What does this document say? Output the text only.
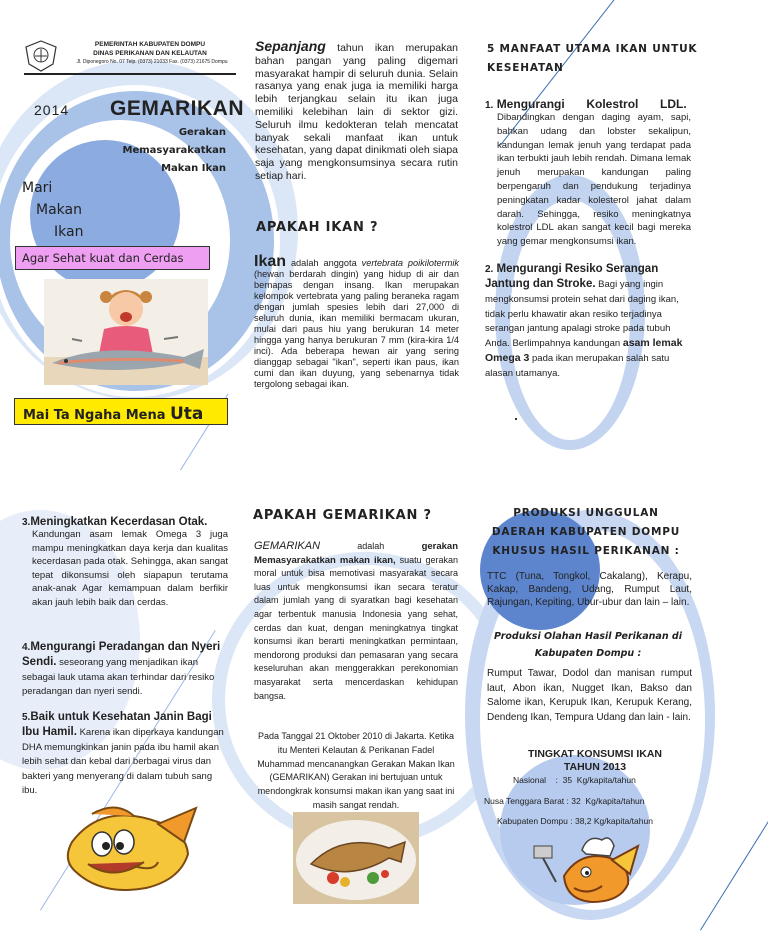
PEMERINTAH KABUPATEN DOMPU
DINAS PERIKANAN DAN KELAUTAN
Jl. Diponegoro No. 07 Telp. (0373) 21033 Fax. (0373) 21675 Dompu
2014 GEMARIKAN
Gerakan
Memasyarakatkan
Makan Ikan
Mari
Makan
Ikan
Agar Sehat kuat dan Cerdas
Mai Ta Ngaha Mena Uta
Sepanjang tahun ikan merupakan bahan pangan yang paling digemari masyarakat hampir di seluruh dunia. Selain rasanya yang enak juga ia memiliki harga lebih terjangkau selain itu ikan juga memiliki kelebihan lain di sektor gizi. Seluruh ilmu kedokteran telah mencatat banyak sekali manfaat ikan untuk kesehatan, yang dapat dinikmati oleh siapa saja yang mengkonsumsinya secara rutin setiap hari.
APAKAH IKAN ?
Ikan adalah anggota vertebrata poikilotermik (hewan berdarah dingin) yang hidup di air dan bernapas dengan insang. Ikan merupakan kelompok vertebrata yang paling beraneka ragam dengan jumlah spesies lebih dari 27,000 di seluruh dunia, ikan memiliki bermacam ukuran, mulai dari paus hiu yang berukuran 14 meter hingga yang hanya berukuran 7 mm (kira-kira 1/4 inci). Ada beberapa hewan air yang sering dianggap sebagai "ikan", seperti ikan paus, ikan cumi dan ikan duyung, yang sebenarnya tidak tergolong sebagai ikan.
5 MANFAAT UTAMA IKAN UNTUK KESEHATAN
1. Mengurangi Kolestrol LDL.
Dibandingkan dengan daging ayam, sapi, bahkan udang dan lobster sekalipun, kandungan lemak jenuh yang terdapat pada ikan terbukti jauh lebih rendah. Dimana lemak jenuh merupakan kandungan paling berpengaruh dan pendukung terjadinya peningkatan kadar kolesterol jahat dalam darah. Sehingga, resiko meningkatnya kolestrol LDL akan sangat kecil bagi mereka yang gemar mengkonsumsi ikan.
2. Mengurangi Resiko Serangan Jantung dan Stroke. Bagi yang ingin mengkonsumsi protein sehat dari daging ikan, tidak perlu khawatir akan resiko terjadinya serangan jantung apalagi stroke pada tubuh Anda. Berlimpahnya kandungan asam lemak Omega 3 pada ikan merupakan salah satu alasan utamanya.
3.Meningkatkan Kecerdasan Otak.
Kandungan asam lemak Omega 3 juga mampu meningkatkan daya kerja dan kualitas kecerdasan pada otak. Sehingga, akan sangat tepat dikonsumsi oleh siapapun terutama anak-anak Agar kemampuan dalam berfikir akan jauh lebih baik dan cerdas.
4.Mengurangi Peradangan dan Nyeri Sendi. seseorang yang menjadikan ikan sebagai lauk utama akan terhindar dari resiko peradangan dan nyeri sendi.
5.Baik untuk Kesehatan Janin Bagi Ibu Hamil. Karena ikan diperkaya kandungan DHA memungkinkan janin pada ibu hamil akan lebih sehat dan kebal dari berbagai virus dan bakteri yang menyerang di dalam tubuh sang ibu.
APAKAH GEMARIKAN ?
GEMARIKAN adalah gerakan Memasyarakatkan makan ikan, suatu gerakan moral untuk bisa memotivasi masyarakat secara luas untuk mengkonsumsi ikan secara teratur dalam jumlah yang di syaratkan bagi kesehatan agar terbentuk manusia Indonesia yang sehat, cerdas dan kuat, dengan meningkatnya tingkat konsumsi ikan berarti meningkatkan permintaan, mendorong produksi dan pemasaran yang secara keseluruhan akan menggerakkan perekonomian masyarakat serta mencerdaskan kehidupan bangsa.
Pada Tanggal 21 Oktober 2010 di Jakarta. Ketika itu Menteri Kelautan & Perikanan Fadel Muhammad mencanangkan Gerakan Makan Ikan (GEMARIKAN) Gerakan ini bertujuan untuk mendongkrak konsumsi makan ikan yang saat ini masih sangat rendah.
PRODUKSI UNGGULAN DAERAH KABUPATEN DOMPU KHUSUS HASIL PERIKANAN :
TTC (Tuna, Tongkol, Cakalang), Kerapu, Kakap, Bandeng, Udang, Rumput Laut, Rajungan, Kepiting, Ubur-ubur dan lain – lain.
Produksi Olahan Hasil Perikanan di Kabupaten Dompu :
Rumput Tawar, Dodol dan manisan rumput laut, Abon ikan, Nugget Ikan, Bakso dan Salome ikan, Kerupuk Ikan, Kerupuk Kerang, Dendeng Ikan, Tempura Udang dan lain - lain.
TINGKAT KONSUMSI IKAN TAHUN 2013
Nasional    :  35  Kg/kapita/tahun
Nusa Tenggara Barat : 32  Kg/kapita/tahun
Kabupaten Dompu : 38,2 Kg/kapita/tahun
